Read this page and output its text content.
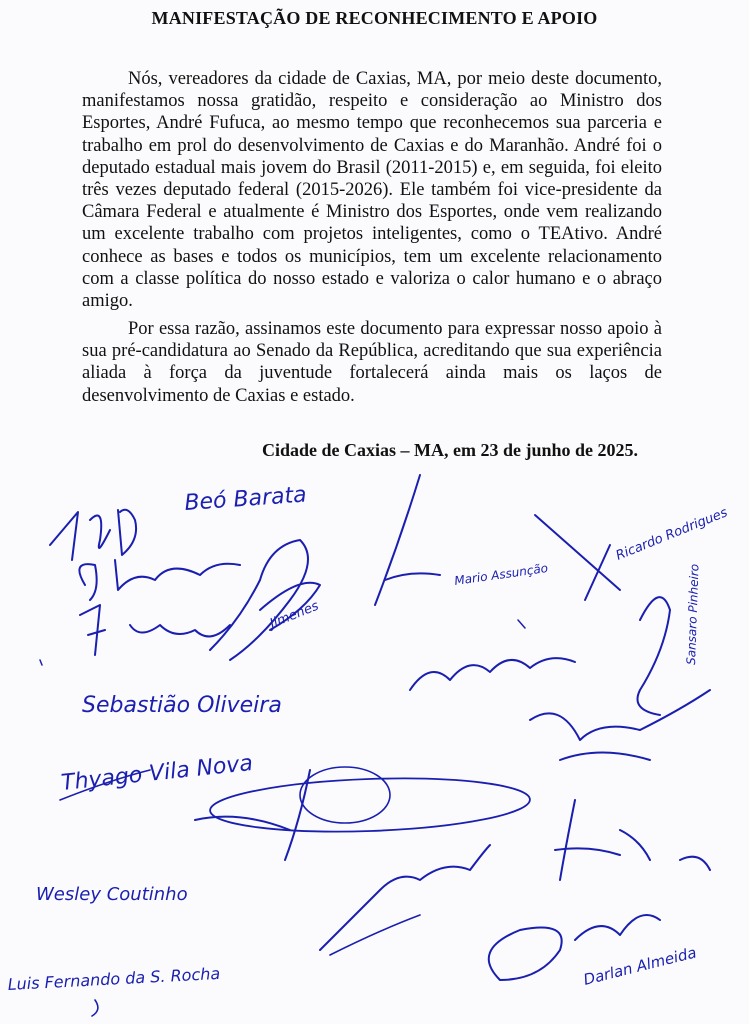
MANIFESTAÇÃO DE RECONHECIMENTO E APOIO
Nós, vereadores da cidade de Caxias, MA, por meio deste documento, manifestamos nossa gratidão, respeito e consideração ao Ministro dos Esportes, André Fufuca, ao mesmo tempo que reconhecemos sua parceria e trabalho em prol do desenvolvimento de Caxias e do Maranhão. André foi o deputado estadual mais jovem do Brasil (2011-2015) e, em seguida, foi eleito três vezes deputado federal (2015-2026). Ele também foi vice-presidente da Câmara Federal e atualmente é Ministro dos Esportes, onde vem realizando um excelente trabalho com projetos inteligentes, como o TEAtivo. André conhece as bases e todos os municípios, tem um excelente relacionamento com a classe política do nosso estado e valoriza o calor humano e o abraço amigo.
Por essa razão, assinamos este documento para expressar nosso apoio à sua pré-candidatura ao Senado da República, acreditando que sua experiência aliada à força da juventude fortalecerá ainda mais os laços de desenvolvimento de Caxias e estado.
Cidade de Caxias – MA, em 23 de junho de 2025.
Beó Barata
Jimenes
Mario Assunção
Ricardo Rodrigues
Sansaro Pinheiro
Sebastião Oliveira
Thyago Vila Nova
Wesley Coutinho
Luis Fernando da S. Rocha	Darlan Almeida
